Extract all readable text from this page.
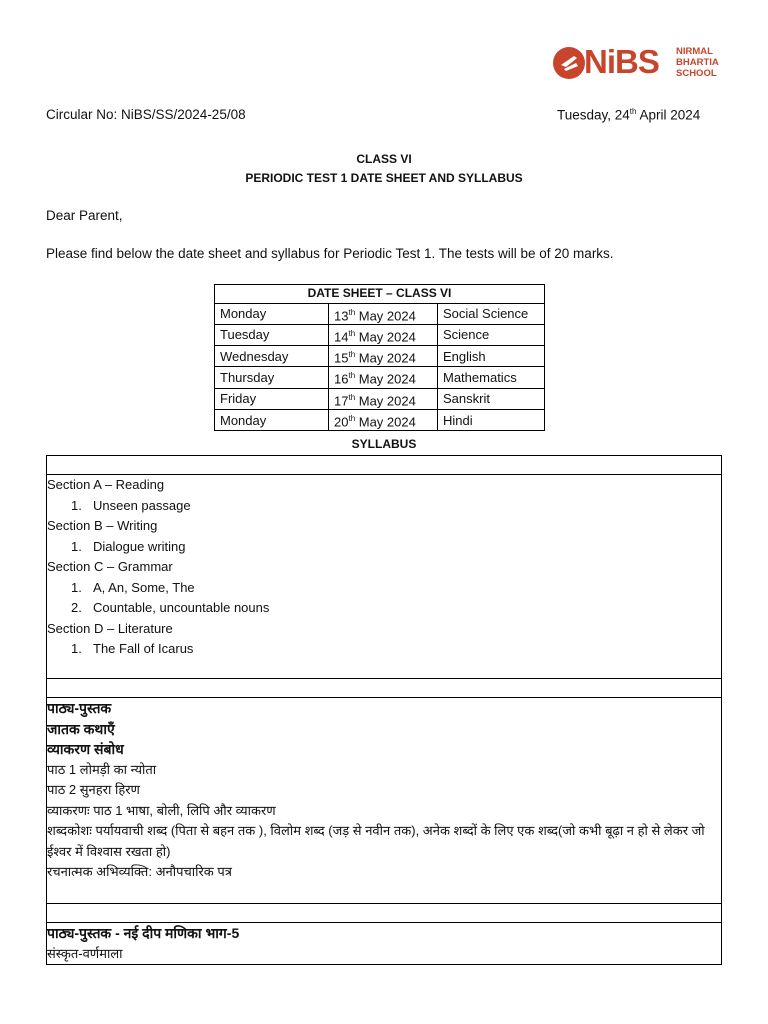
NiBS NIRMAL
BHARTIA
SCHOOL
Circular No: NiBS/SS/2024-25/08	Tuesday, 24th April 2024
CLASS VI
PERIODIC TEST 1 DATE SHEET AND SYLLABUS
Dear Parent,
Please find below the date sheet and syllabus for Periodic Test 1. The tests will be of 20 marks.
DATE SHEET – CLASS VI		
Monday	13th May 2024	Social Science
Tuesday	14th May 2024	Science
Wednesday	15th May 2024	English
Thursday	16th May 2024	Mathematics
Friday	17th May 2024	Sanskrit
Monday	20th May 2024	Hindi
SYLLABUS

Section A – Reading
1. Unseen passage
Section B – Writing
1. Dialogue writing
Section C – Grammar
1. A, An, Some, The
2. Countable, uncountable nouns
Section D – Literature
1. The Fall of Icarus

पाठ्य-पुस्तक
जातक कथाएँ
व्याकरण संबोध
पाठ 1 लोमड़ी का न्योता
पाठ 2 सुनहरा हिरण
व्याकरणः पाठ 1 भाषा, बोली, लिपि और व्याकरण
शब्दकोशः पर्यायवाची शब्द (पिता से बहन तक ), विलोम शब्द (जड़ से नवीन तक), अनेक शब्दों के लिए एक शब्द(जो कभी बूढ़ा न हो से लेकर जो ईश्वर में विश्वास रखता हो)
रचनात्मक अभिव्यक्ति: अनौपचारिक पत्र

पाठ्य-पुस्तक - नई दीप मणिका भाग-5
संस्कृत-वर्णमाला
